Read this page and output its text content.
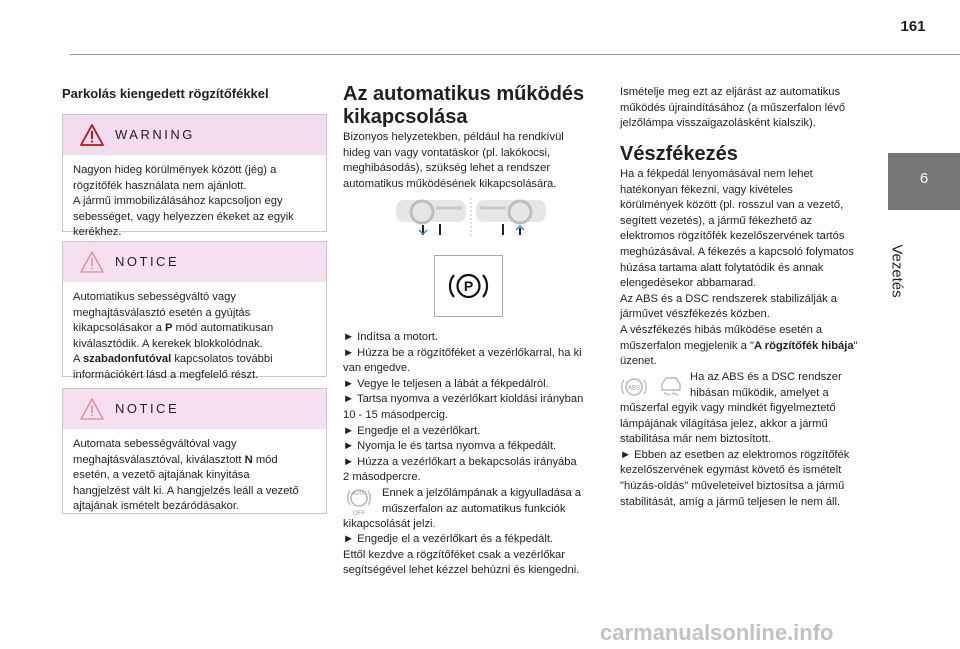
161
6
Vezetés
Parkolás kiengedett rögzítőfékkel
WARNING
Nagyon hideg körülmények között (jég) a
rögzítőfék használata nem ajánlott.
A jármű immobilizálásához kapcsoljon egy
sebességet, vagy helyezzen ékeket az egyik
kerékhez.
NOTICE
Automatikus sebességváltó vagy
meghajtásválasztó esetén a gyújtás
kikapcsolásakor a P mód automatikusan
kiválasztódik. A kerekek blokkolódnak.
A szabadonfutóval kapcsolatos további
információkért lásd a megfelelő részt.
NOTICE
Automata sebességváltóval vagy
meghajtásválasztóval, kiválasztott N mód
esetén, a vezető ajtajának kinyitása
hangjelzést vált ki. A hangjelzés leáll a vezető
ajtajának ismételt bezáródásakor.
Az automatikus működés
kikapcsolása
Bizonyos helyzetekben, például ha rendkívül
hideg van vagy vontatáskor (pl. lakókocsi,
meghibásodás), szükség lehet a rendszer
automatikus működésének kikapcsolására.
P
► Indítsa a motort.
► Húzza be a rögzítőféket a vezérlőkarral, ha ki
van engedve.
► Vegye le teljesen a lábát a fékpedálról.
► Tartsa nyomva a vezérlőkart kioldási irányban
10 - 15 másodpercig.
► Engedje el a vezérlőkart.
► Nyomja le és tartsa nyomva a fékpedált.
► Húzza a vezérlőkart a bekapcsolás irányába
2 másodpercre.
AUTO
OFF
Ennek a jelzőlámpának a kigyulladása a
műszerfalon az automatikus funkciók
kikapcsolását jelzi.
► Engedje el a vezérlőkart és a fékpedált.
Ettől kezdve a rögzítőféket csak a vezérlőkar
segítségével lehet kézzel behúzni és kiengedni.
Ismételje meg ezt az eljárást az automatikus
működés újraindításához (a műszerfalon lévő
jelzőlámpa visszaigazolásként kialszik).
Vészfékezés
Ha a fékpedál lenyomásával nem lehet
hatékonyan fékezni, vagy kivételes
körülmények között (pl. rosszul van a vezető,
segített vezetés), a jármű fékezhető az
elektromos rögzítőfék kezelőszervének tartós
meghúzásával. A fékezés a kapcsoló folymatos
húzása tartama alatt folytatódik és annak
elengedésekor abbamarad.
Az ABS és a DSC rendszerek stabilizálják a
járművet vészfékezés közben.
A vészfékezés hibás működése esetén a
műszerfalon megjelenik a "A rögzítőfék hibája"
üzenet.
ABS
Ha az ABS és a DSC rendszer
hibásan működik, amelyet a
műszerfal egyik vagy mindkét figyelmeztető
lámpájának világítása jelez, akkor a jármű
stabilitása már nem biztosított.
► Ebben az esetben az elektromos rögzítőfék
kezelőszervének egymást követő és ismételt
"húzás-oldás" műveleteivel biztosítsa a jármű
stabilitását, amíg a jármű teljesen le nem áll.
carmanualsonline.info
